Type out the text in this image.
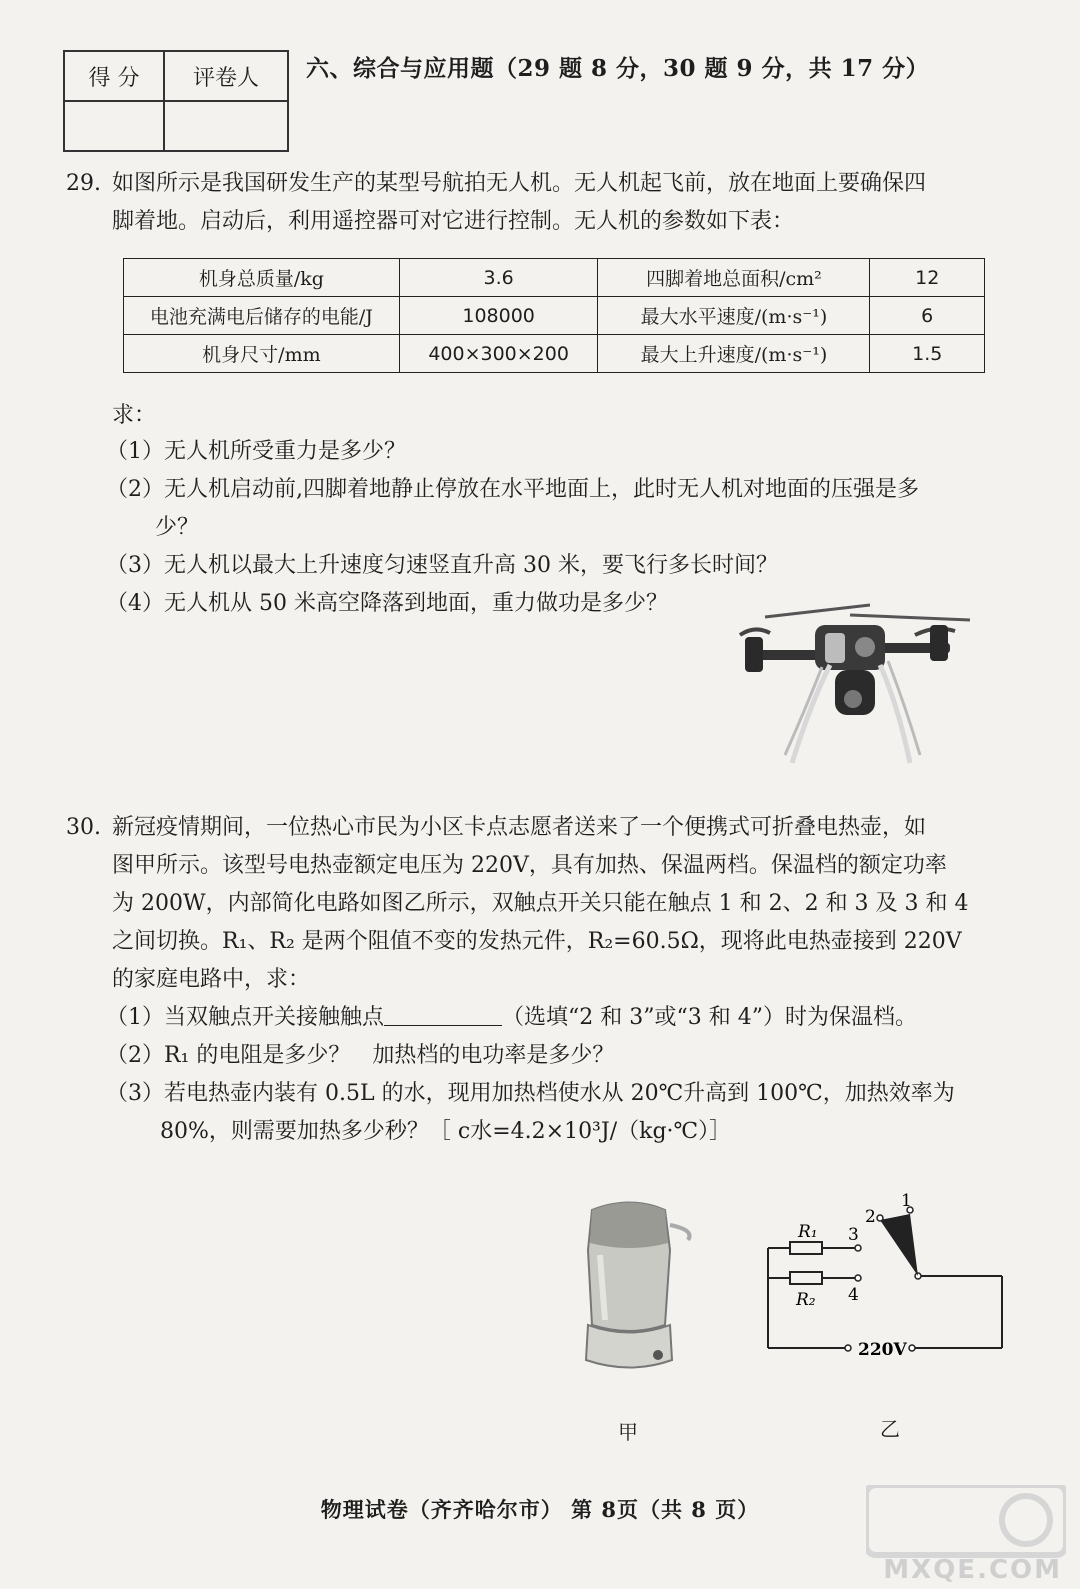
得 分	评卷人
	六、综合与应用题（29 题 8 分，30 题 9 分，共 17 分）
29. 如图所示是我国研发生产的某型号航拍无人机。无人机起飞前，放在地面上要确保四
脚着地。启动后，利用遥控器可对它进行控制。无人机的参数如下表：
机身总质量/kg	3.6	四脚着地总面积/cm²	12
电池充满电后储存的电能/J	108000	最大水平速度/(m·s⁻¹)	6
机身尺寸/mm	400×300×200	最大上升速度/(m·s⁻¹)	1.5
求：
（1）无人机所受重力是多少？
（2）无人机启动前,四脚着地静止停放在水平地面上，此时无人机对地面的压强是多
少？
（3）无人机以最大上升速度匀速竖直升高 30 米，要飞行多长时间？
（4）无人机从 50 米高空降落到地面，重力做功是多少？
30. 新冠疫情期间，一位热心市民为小区卡点志愿者送来了一个便携式可折叠电热壶，如
图甲所示。该型号电热壶额定电压为 220V，具有加热、保温两档。保温档的额定功率
为 200W，内部简化电路如图乙所示，双触点开关只能在触点 1 和 2、2 和 3 及 3 和 4
之间切换。R₁、R₂ 是两个阻值不变的发热元件，R₂=60.5Ω，现将此电热壶接到 220V
的家庭电路中，求：
（1）当双触点开关接触触点	（选填“2 和 3”或“3 和 4”）时为保温档。
（2）R₁ 的电阻是多少？　加热档的电功率是多少？
（3）若电热壶内装有 0.5L 的水，现用加热档使水从 20℃升高到 100℃，加热效率为
80%，则需要加热多少秒？［ c水=4.2×10³J/（kg·℃）］
R₁
R₂
3
4
2
1
220V
甲	乙
物理试卷（齐齐哈尔市） 第 8页（共 8 页）
MXQE.COM
